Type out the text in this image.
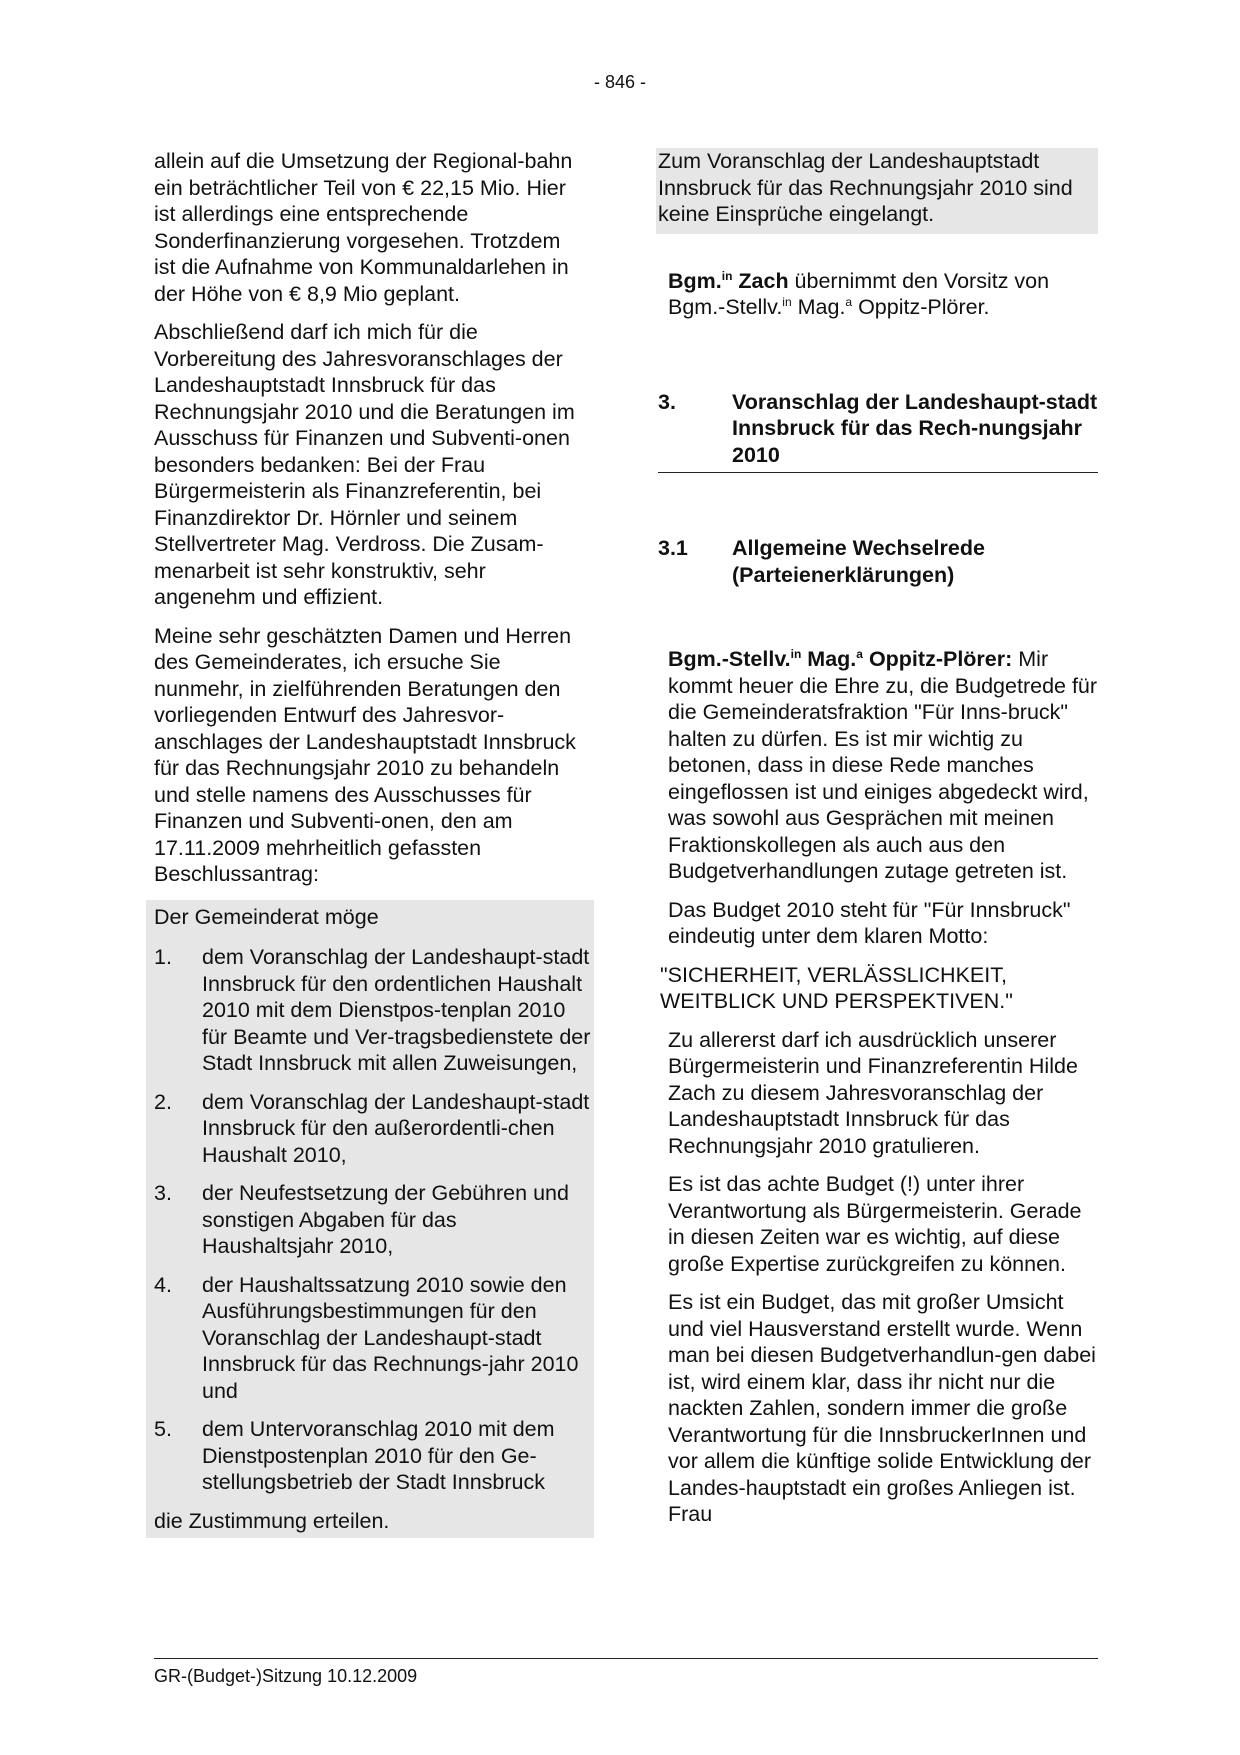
- 846 -

allein auf die Umsetzung der Regional-bahn ein beträchtlicher Teil von € 22,15 Mio. Hier ist allerdings eine entsprechende Sonderfinanzierung vorgesehen. Trotzdem ist die Aufnahme von Kommunaldarlehen in der Höhe von € 8,9 Mio geplant.

Abschließend darf ich mich für die Vorbereitung des Jahresvoranschlages der Landeshauptstadt Innsbruck für das Rechnungsjahr 2010 und die Beratungen im Ausschuss für Finanzen und Subventi-onen besonders bedanken: Bei der Frau Bürgermeisterin als Finanzreferentin, bei Finanzdirektor Dr. Hörnler und seinem Stellvertreter Mag. Verdross. Die Zusam-menarbeit ist sehr konstruktiv, sehr angenehm und effizient.

Meine sehr geschätzten Damen und Herren des Gemeinderates, ich ersuche Sie nunmehr, in zielführenden Beratungen den vorliegenden Entwurf des Jahresvor-anschlages der Landeshauptstadt Innsbruck für das Rechnungsjahr 2010 zu behandeln und stelle namens des Ausschusses für Finanzen und Subventi-onen, den am 17.11.2009 mehrheitlich gefassten Beschlussantrag:

Der Gemeinderat möge

1.	dem Voranschlag der Landeshaupt-stadt Innsbruck für den ordentlichen Haushalt 2010 mit dem Dienstpos-tenplan 2010 für Beamte und Ver-tragsbedienstete der Stadt Innsbruck mit allen Zuweisungen,
2.	dem Voranschlag der Landeshaupt-stadt Innsbruck für den außerordentli-chen Haushalt 2010,
3.	der Neufestsetzung der Gebühren und sonstigen Abgaben für das Haushaltsjahr 2010,
4.	der Haushaltssatzung 2010 sowie den Ausführungsbestimmungen für den Voranschlag der Landeshaupt-stadt Innsbruck für das Rechnungs-jahr 2010 und
5.	dem Untervoranschlag 2010 mit dem Dienstpostenplan 2010 für den Ge-stellungsbetrieb der Stadt Innsbruck

die Zustimmung erteilen.

Zum Voranschlag der Landeshauptstadt Innsbruck für das Rechnungsjahr 2010 sind keine Einsprüche eingelangt.

Bgm.$^{in}$ Zach übernimmt den Vorsitz von Bgm.-Stellv.$^{in}$ Mag.$^a$ Oppitz-Plörer.

3.	Voranschlag der Landeshaupt-stadt Innsbruck für das Rech-nungsjahr 2010
3.1	Allgemeine Wechselrede (Parteienerklärungen)

Bgm.-Stellv.$^{in}$ Mag.$^a$ Oppitz-Plörer: Mir kommt heuer die Ehre zu, die Budgetrede für die Gemeinderatsfraktion "Für Inns-bruck" halten zu dürfen. Es ist mir wichtig zu betonen, dass in diese Rede manches eingeflossen ist und einiges abgedeckt wird, was sowohl aus Gesprächen mit meinen Fraktionskollegen als auch aus den Budgetverhandlungen zutage getreten ist.

Das Budget 2010 steht für "Für Innsbruck" eindeutig unter dem klaren Motto:

"SICHERHEIT, VERLÄSSLICHKEIT, WEITBLICK UND PERSPEKTIVEN."

Zu allererst darf ich ausdrücklich unserer Bürgermeisterin und Finanzreferentin Hilde Zach zu diesem Jahresvoranschlag der Landeshauptstadt Innsbruck für das Rechnungsjahr 2010 gratulieren.

Es ist das achte Budget (!) unter ihrer Verantwortung als Bürgermeisterin. Gerade in diesen Zeiten war es wichtig, auf diese große Expertise zurückgreifen zu können.

Es ist ein Budget, das mit großer Umsicht und viel Hausverstand erstellt wurde. Wenn man bei diesen Budgetverhandlun-gen dabei ist, wird einem klar, dass ihr nicht nur die nackten Zahlen, sondern immer die große Verantwortung für die InnsbruckerInnen und vor allem die künftige solide Entwicklung der Landes-hauptstadt ein großes Anliegen ist. Frau

GR-(Budget-)Sitzung 10.12.2009
